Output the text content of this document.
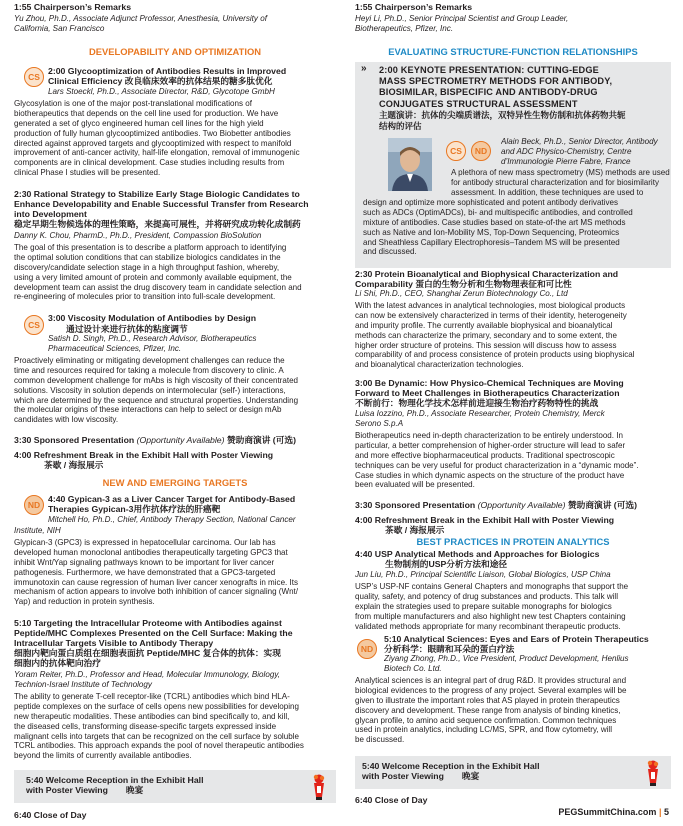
1:55 Chairperson’s Remarks
Yu Zhou, Ph.D., Associate Adjunct Professor, Anesthesia, University of
California, San Francisco
DEVELOPABILITY AND OPTIMIZATION
CS
2:00 Glycooptimization of Antibodies Results in Improved
Clinical Efficiency 改良临床效率的抗体结果的糖多肽优化
Lars Stoeckl, Ph.D., Associate Director, R&D, Glycotope GmbH
Glycosylation is one of the major post-translational modifications of
biotherapeutics that depends on the cell line used for production. We have
generated a set of glyco engineered human cell lines for the high yield
production of fully human glycooptimized antibodies. Two Biobetter antibodies
directed against approved targets and glycooptimized with respect to manifold
improvement of anti-cancer activity, half-life elongation, removal of immunogenic
components are in clinical development. Case studies including results from
clinical Phase I studies will be presented.
2:30 Rational Strategy to Stabilize Early Stage Biologic Candidates to
Enhance Developability and Enable Successful Transfer from Research
into Development
稳定早期生物候选体的理性策略，来提高可展性，并将研究成功转化成制药
Danny K. Chou, PharmD., Ph.D., President, Compassion BioSolution
The goal of this presentation is to describe a platform approach to identifying
the optimal solution conditions that can stabilize biologics candidates in the
discovery/candidate selection stage in a high throughput fashion, whereby,
using a very limited amount of protein and commonly available equipment, the
development team can assist the drug discovery team in candidate selection and
re-engineering of molecules prior to transition into full-scale development.
CS
3:00 Viscosity Modulation of Antibodies by Design
通过设计来进行抗体的粘度调节
Satish D. Singh, Ph.D., Research Advisor, Biotherapeutics
Pharmaceutical Sciences, Pfizer, Inc.
Proactively eliminating or mitigating development challenges can reduce the
time and resources required for taking a molecule from discovery to clinic. A
common development challenge for mAbs is high viscosity of their concentrated
solutions. Viscosity in solution depends on intermolecular (self-) interactions,
which are determined by the sequence and structural properties. Understanding
the molecular origins of these interactions can help to select or design mAb
candidates with low viscosity.
3:30 Sponsored Presentation (Opportunity Available) 赞助商演讲 (可选)
4:00 Refreshment Break in the Exhibit Hall with Poster Viewing
茶歇 / 海报展示
NEW AND EMERGING TARGETS
ND
4:40 Gypican-3 as a Liver Cancer Target for Antibody-Based
Therapies Gypican-3用作抗体疗法的肝癌靶
Mitchell Ho, Ph.D., Chief, Antibody Therapy Section, National Cancer
Institute, NIH
Glypican-3 (GPC3) is expressed in hepatocellular carcinoma. Our lab has
developed human monoclonal antibodies therapeutically targeting GPC3 that
inhibit Wnt/Yap signaling pathways known to be important for liver cancer
pathogenesis. Furthermore, we have demonstrated that a GPC3-targeted
immunotoxin can cause regression of human liver cancer xenografts in mice. Its
mechanism of action appears to involve both inhibition of cancer signaling (Wnt/
Yap) and reduction in protein synthesis.
5:10 Targeting the Intracellular Proteome with Antibodies against
Peptide/MHC Complexes Presented on the Cell Surface: Making the
Intracellular Targets Visible to Antibody Therapy
细胞内靶向蛋白质组在细胞表面抗 Peptide/MHC 复合体的抗体：实现
细胞内的抗体靶向治疗
Yoram Reiter, Ph.D., Professor and Head, Molecular Immunology, Biology,
Technion-Israel Institute of Technology
The ability to generate T-cell receptor-like (TCRL) antibodies which bind HLA-
peptide complexes on the surface of cells opens new possibilities for developing
new therapeutic modalities. These antibodies can bind specifically to, and kill,
the diseased cells, transforming disease-specific targets expressed inside
malignant cells into targets that can be recognized on the cell surface by soluble
TCRL antibodies. This approach expands the pool of novel therapeutic antibodies
beyond the limits of currently available antibodies.
5:40 Welcome Reception in the Exhibit Hall
with Poster Viewing 晚宴
6:40 Close of Day
1:55 Chairperson’s Remarks
Heyi Li, Ph.D., Senior Principal Scientist and Group Leader,
Biotherapeutics, Pfizer, Inc.
EVALUATING STRUCTURE-FUNCTION RELATIONSHIPS
» 2:00 KEYNOTE PRESENTATION: CUTTING-EDGE
MASS SPECTROMETRY METHODS FOR ANTIBODY,
BIOSIMILAR, BISPECIFIC AND ANTIBODY-DRUG
CONJUGATES STRUCTURAL ASSESSMENT
主题演讲：抗体的尖端质谱法，双特异性生物仿制和抗体药物共轭
结构的评估
CS	ND
Alain Beck, Ph.D., Senior Director, Antibody
and ADC Physico-Chemistry, Centre
d’Immunologie Pierre Fabre, France
A plethora of new mass spectrometry (MS) methods are used
for antibody structural characterization and for biosimilarity
assessment. In addition, these techniques are used to
design and optimize more sophisticated and potent antibody derivatives
such as ADCs (OptimADCs), bi- and multispecific antibodies, and controlled
mixture of antibodies. Case studies based on state-of-the art MS methods
such as Native and Ion-Mobility MS, Top-Down Sequencing, Proteomics
and Sheathless Capillary Electrophoresis–Tandem MS will be presented
and discussed.
2:30 Protein Bioanalytical and Biophysical Characterization and
Comparability 蛋白的生物分析和生物物理表征和可比性
Li Shi, Ph.D., CEO, Shanghai Zerun Biotechnology Co., Ltd
With the latest advances in analytical technologies, most biological products
can now be extensively characterized in terms of their identity, heterogeneity
and impurity profile. The currently available biophysical and bioanalytical
methods can characterize the primary, secondary and to some extent, the
higher order structure of proteins. This session will discuss how to assess
comparability of and process consistence of protein products using biophysical
and bioanalytical characterization technologies.
3:00 Be Dynamic: How Physico-Chemical Techniques are Moving
Forward to Meet Challenges in Biotherapeutics Characterization
不断前行：物理化学技术怎样前进迎接生物治疗药物特性的挑战
Luisa Iozzino, Ph.D., Associate Researcher, Protein Chemistry, Merck
Serono S.p.A
Biotherapeutics need in-depth characterization to be entirely understood. In
particular, a better comprehension of higher-order structure will lead to safer
and more effective biopharmaceutical products. Traditional spectroscopic
techniques can be very useful for product characterization in a “dynamic mode”.
Case studies in which dynamic aspects on the structure of the product have
been evaluated will be presented.
3:30 Sponsored Presentation (Opportunity Available) 赞助商演讲 (可选)
4:00 Refreshment Break in the Exhibit Hall with Poster Viewing
茶歇 / 海报展示
BEST PRACTICES IN PROTEIN ANALYTICS
4:40 USP Analytical Methods and Approaches for Biologics
生物制剂的USP分析方法和途径
Jun Liu, Ph.D., Principal Scientific Liaison, Global Biologics, USP China
USP’s USP-NF contains General Chapters and monographs that support the
quality, safety, and potency of drug substances and products. This talk will
explain the strategies used to prepare suitable monographs for biologics
from multiple manufacturers and also highlight new test Chapters containing
validated methods appropriate for many recombinant therapeutic products.
ND
5:10 Analytical Sciences: Eyes and Ears of Protein Therapeutics
分析科学：眼睛和耳朵的蛋白疗法
Ziyang Zhong, Ph.D., Vice President, Product Development, Henlius
Biotech Co. Ltd.
Analytical sciences is an integral part of drug R&D. It provides structural and
biological evidences to the progress of any project. Several examples will be
given to illustrate the important roles that AS played in protein therapeutics
discovery and development. These range from analysis of binding kinetics,
glycan profile, to amino acid sequence confirmation. Common techniques
used in protein analytics, including LC/MS, SPR, and flow cytometry, will
be discussed.
5:40 Welcome Reception in the Exhibit Hall
with Poster Viewing 晚宴
6:40 Close of Day
PEGSummitChina.com | 5
